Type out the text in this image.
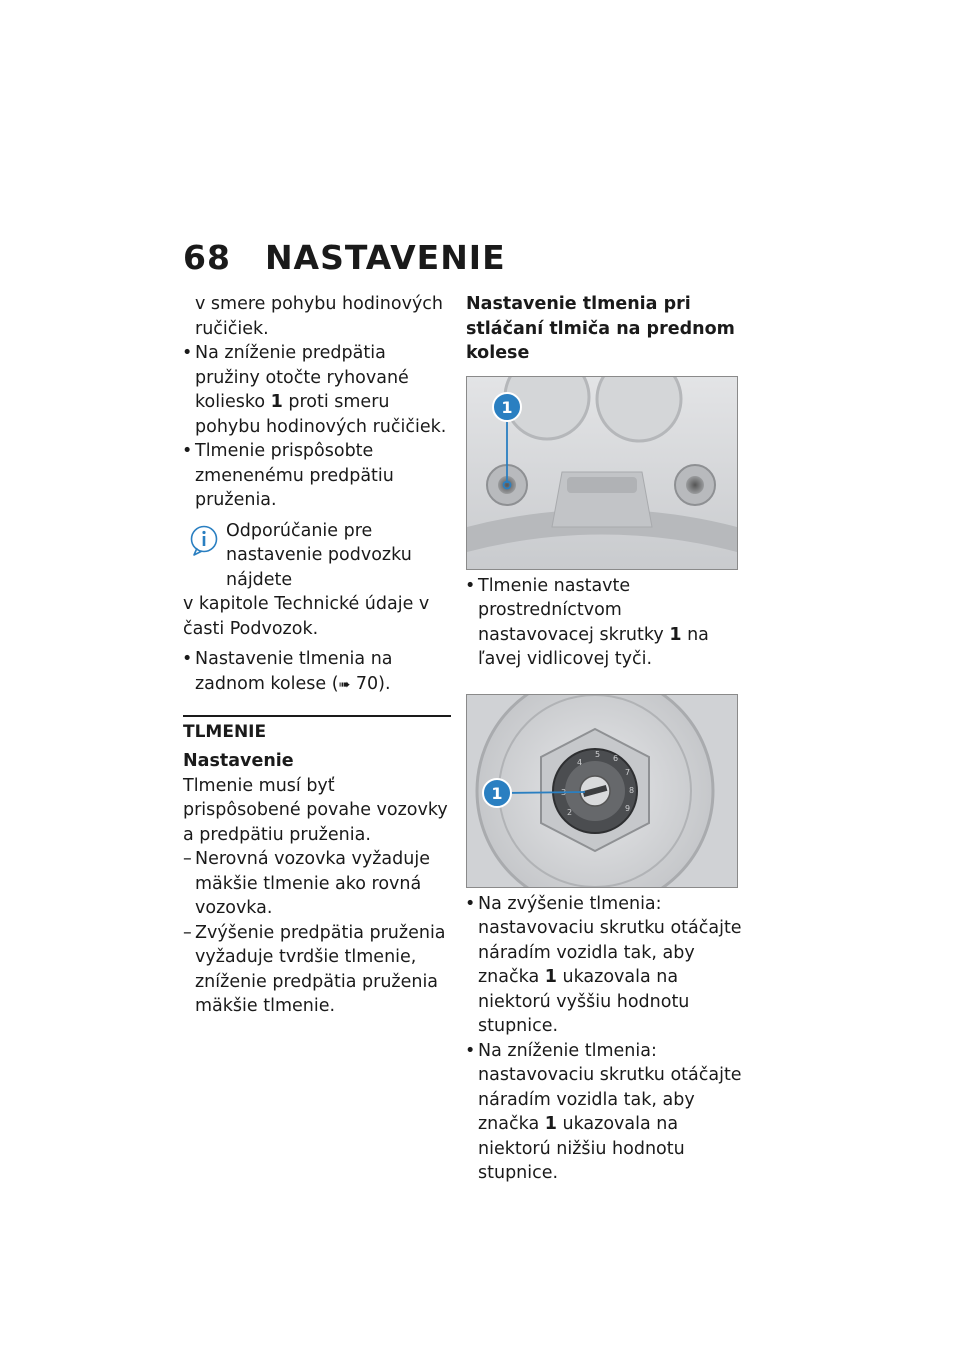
68 NASTAVENIE

v smere pohybu hodinových ručičiek.

• Na zníženie predpätia pružiny otočte ryhované koliesko 1 proti smeru pohybu hodinových ručičiek.
• Tlmenie prispôsobte zmenenému predpätiu pruženia.

Odporúčanie pre nastavenie podvozku nájdete

v kapitole Technické údaje v časti Podvozok.

• Nastavenie tlmenia na zadnom kolese (➠ 70).
TLMENIE

Nastavenie

Tlmenie musí byť prispôsobené povahe vozovky a predpätiu pruženia.

– Nerovná vozovka vyžaduje mäkšie tlmenie ako rovná vozovka.
– Zvýšenie predpätia pruženia vyžaduje tvrdšie tlmenie, zníženie predpätia pruženia mäkšie tlmenie.

Nastavenie tlmenia pri stláčaní tlmiča na prednom kolese

1
• Tlmenie nastavte prostredníctvom nastavovacej skrutky 1 na ľavej vidlicovej tyči.
4
5 6
7
8
9
2
1
• Na zvýšenie tlmenia: nastavovaciu skrutku otáčajte náradím vozidla tak, aby značka 1 ukazovala na niektorú vyššiu hodnotu stupnice.
• Na zníženie tlmenia: nastavovaciu skrutku otáčajte náradím vozidla tak, aby značka 1 ukazovala na niektorú nižšiu hodnotu stupnice.
